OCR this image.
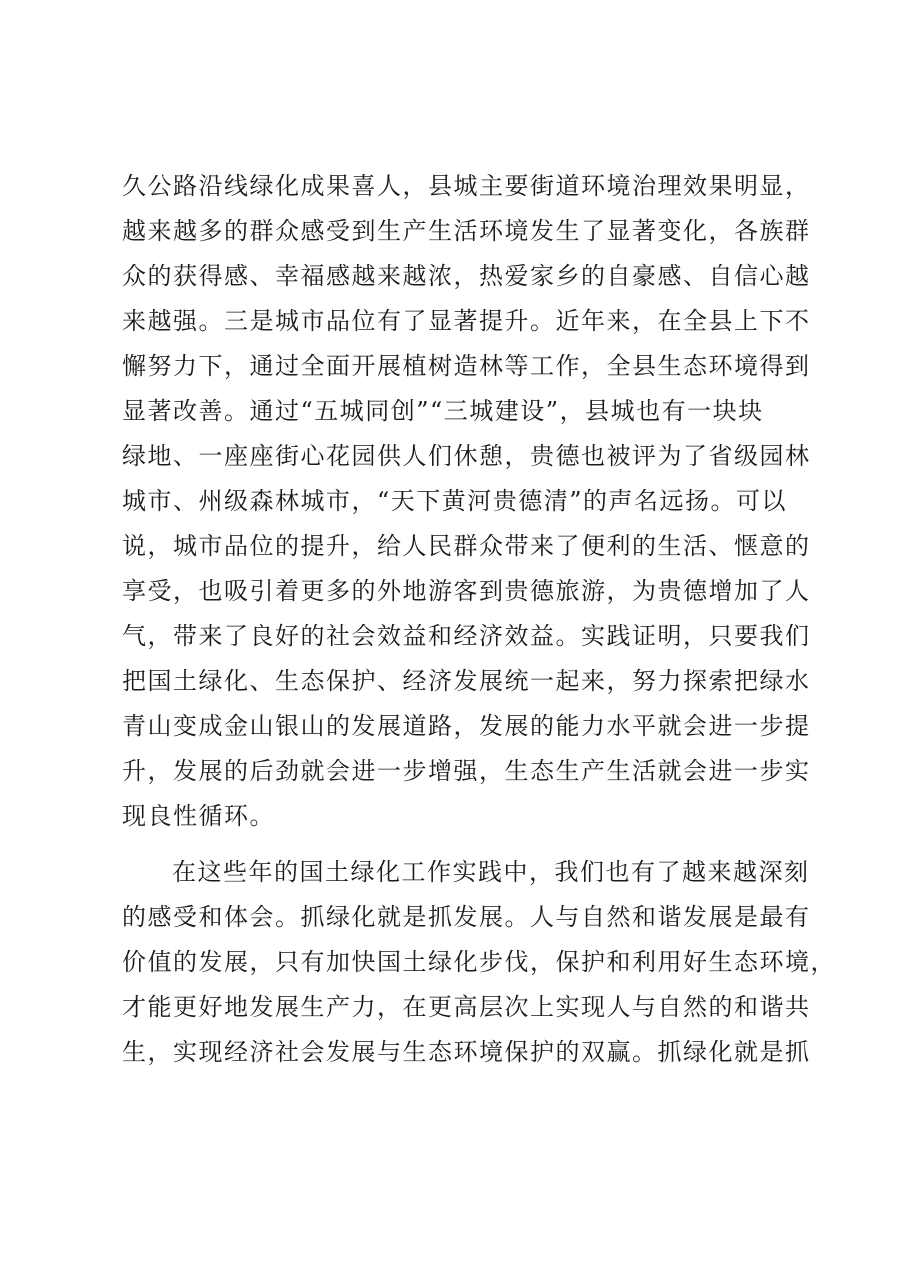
久公路沿线绿化成果喜人，县城主要街道环境治理效果明显，
越来越多的群众感受到生产生活环境发生了显著变化，各族群
众的获得感、幸福感越来越浓，热爱家乡的自豪感、自信心越
来越强。三是城市品位有了显著提升。近年来，在全县上下不
懈努力下，通过全面开展植树造林等工作，全县生态环境得到
显著改善。通过“五城同创”“三城建设”，县城也有一块块
绿地、一座座街心花园供人们休憩，贵德也被评为了省级园林
城市、州级森林城市，“天下黄河贵德清”的声名远扬。可以
说，城市品位的提升，给人民群众带来了便利的生活、惬意的
享受，也吸引着更多的外地游客到贵德旅游，为贵德增加了人
气，带来了良好的社会效益和经济效益。实践证明，只要我们
把国土绿化、生态保护、经济发展统一起来，努力探索把绿水
青山变成金山银山的发展道路，发展的能力水平就会进一步提
升，发展的后劲就会进一步增强，生态生产生活就会进一步实
现良性循环。
在这些年的国土绿化工作实践中，我们也有了越来越深刻
的感受和体会。抓绿化就是抓发展。人与自然和谐发展是最有
价值的发展，只有加快国土绿化步伐，保护和利用好生态环境，
才能更好地发展生产力，在更高层次上实现人与自然的和谐共
生，实现经济社会发展与生态环境保护的双赢。抓绿化就是抓
